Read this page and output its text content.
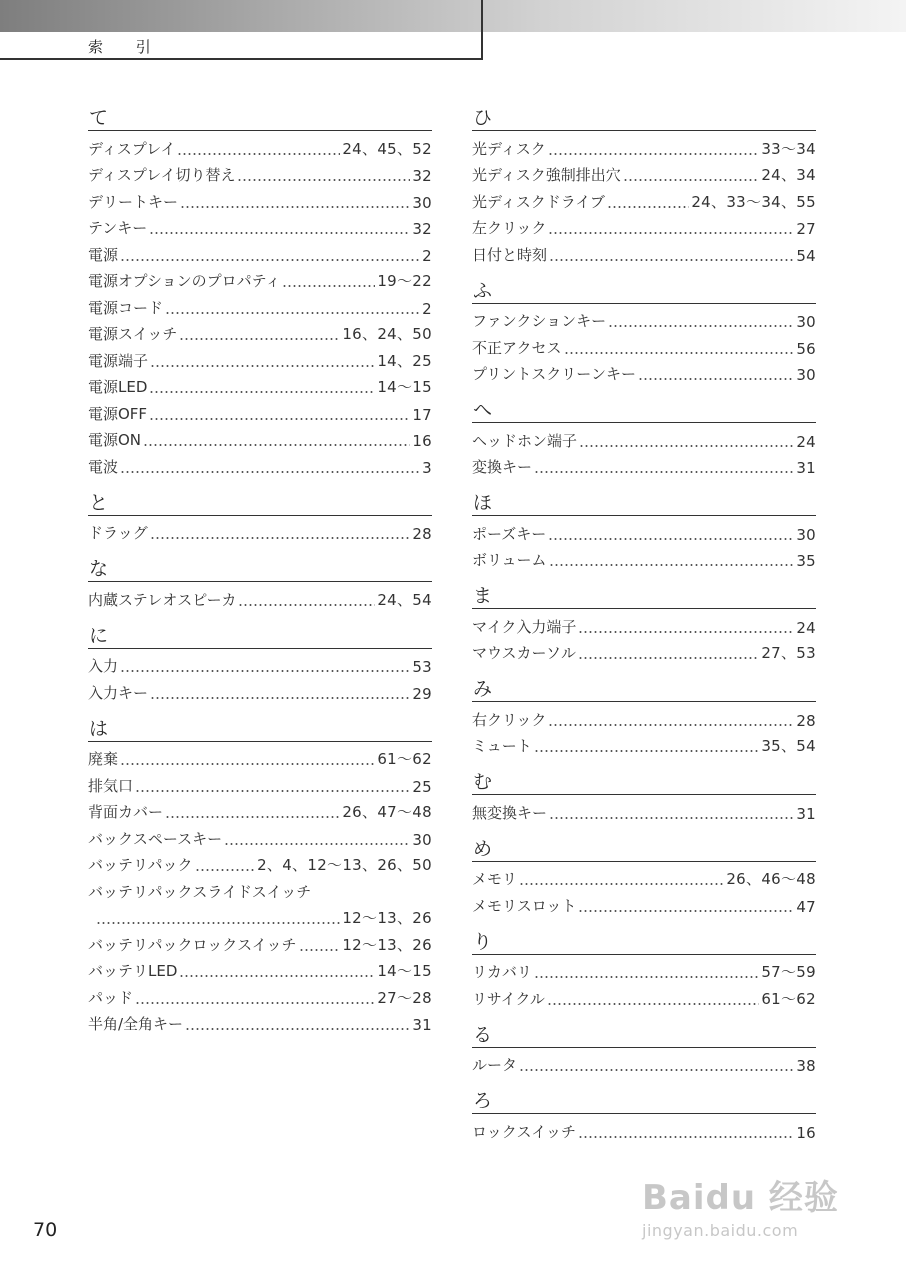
索 引
て
ディスプレイ	24、45、52
ディスプレイ切り替え	32
デリートキー	30
テンキー	32
電源	2
電源オプションのプロパティ	19〜22
電源コード	2
電源スイッチ	16、24、50
電源端子	14、25
電源LED	14〜15
電源OFF	17
電源ON	16
電波	3
と
ドラッグ	28
な
内蔵ステレオスピーカ	24、54
に
入力	53
入力キー	29
は
廃棄	61〜62
排気口	25
背面カバー	26、47〜48
バックスペースキー	30
バッテリパック	2、4、12〜13、26、50
バッテリパックスライドスイッチ
12〜13、26
バッテリパックロックスイッチ	12〜13、26
バッテリLED	14〜15
パッド	27〜28
半角/全角キー	31
ひ
光ディスク	33〜34
光ディスク強制排出穴	24、34
光ディスクドライブ	24、33〜34、55
左クリック	27
日付と時刻	54
ふ
ファンクションキー	30
不正アクセス	56
プリントスクリーンキー	30
へ
ヘッドホン端子	24
変換キー	31
ほ
ポーズキー	30
ボリューム	35
ま
マイク入力端子	24
マウスカーソル	27、53
み
右クリック	28
ミュート	35、54
む
無変換キー	31
め
メモリ	26、46〜48
メモリスロット	47
り
リカバリ	57〜59
リサイクル	61〜62
る
ルータ	38
ろ
ロックスイッチ	16
70
Baidu 经验
jingyan.baidu.com
